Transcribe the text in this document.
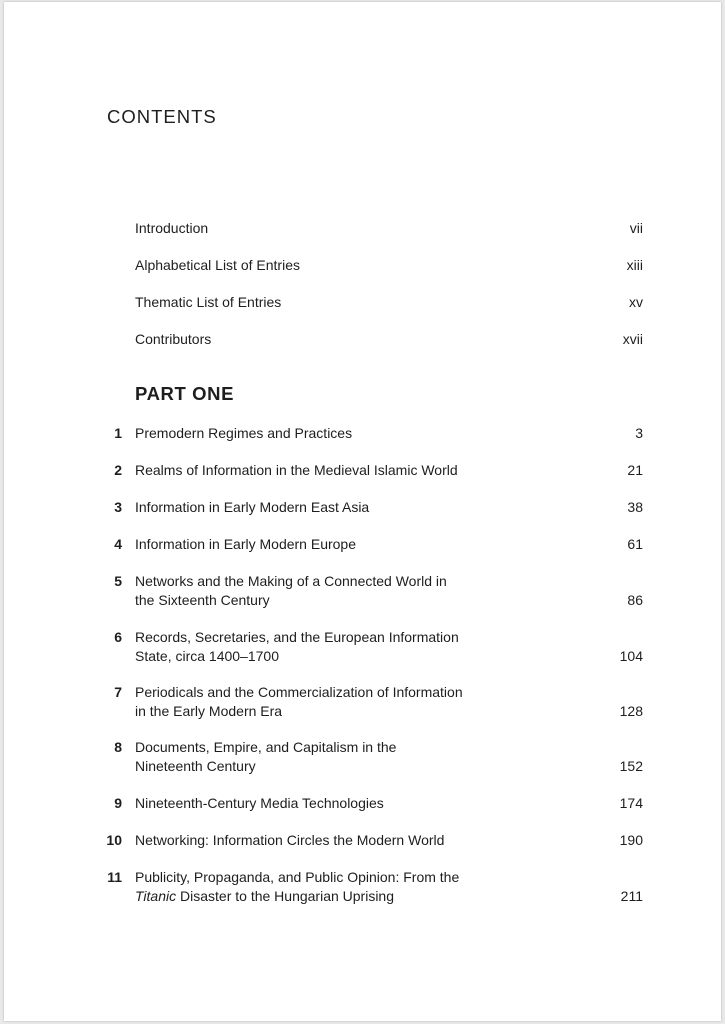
CONTENTS
Introduction	vii
Alphabetical List of Entries	xiii
Thematic List of Entries	xv
Contributors	xvii
PART ONE
1 Premodern Regimes and Practices	3
2 Realms of Information in the Medieval Islamic World	21
3 Information in Early Modern East Asia	38
4 Information in Early Modern Europe	61
5 Networks and the Making of a Connected World in
the Sixteenth Century	86
6 Records, Secretaries, and the European Information
State, circa 1400–1700	104
7 Periodicals and the Commercialization of Information
in the Early Modern Era	128
8 Documents, Empire, and Capitalism in the
Nineteenth Century	152
9 Nineteenth-Century Media Technologies	174
10 Networking: Information Circles the Modern World	190
11 Publicity, Propaganda, and Public Opinion: From the
Titanic Disaster to the Hungarian Uprising	211
